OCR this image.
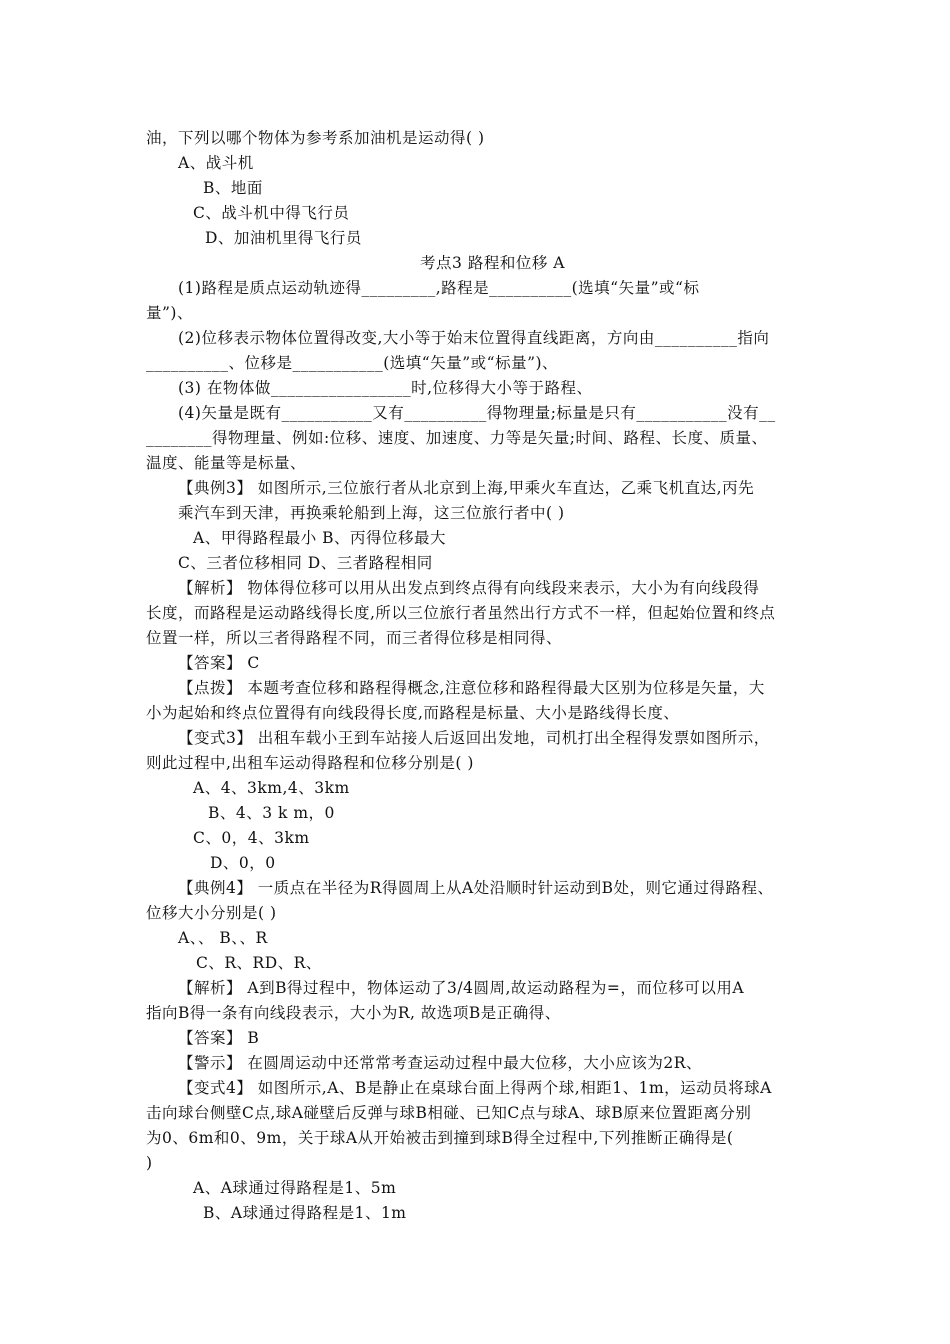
油，下列以哪个物体为参考系加油机是运动得( )
A、战斗机
B、地面
C、战斗机中得飞行员
D、加油机里得飞行员
考点3 路程和位移 A
(1)路程是质点运动轨迹得_________,路程是__________(选填“矢量”或“标
量”)、
(2)位移表示物体位置得改变,大小等于始末位置得直线距离，方向由__________指向
__________、位移是___________(选填“矢量”或“标量”)、
(3) 在物体做_________________时,位移得大小等于路程、
(4)矢量是既有___________又有__________得物理量;标量是只有___________没有__
________得物理量、例如:位移、速度、加速度、力等是矢量;时间、路程、长度、质量、
温度、能量等是标量、
【典例3】 如图所示,三位旅行者从北京到上海,甲乘火车直达，乙乘飞机直达,丙先
乘汽车到天津，再换乘轮船到上海，这三位旅行者中( )
A、甲得路程最小 B、丙得位移最大
C、三者位移相同 D、三者路程相同
【解析】 物体得位移可以用从出发点到终点得有向线段来表示，大小为有向线段得
长度，而路程是运动路线得长度,所以三位旅行者虽然出行方式不一样，但起始位置和终点
位置一样，所以三者得路程不同，而三者得位移是相同得、
【答案】 C
【点拨】 本题考查位移和路程得概念,注意位移和路程得最大区别为位移是矢量，大
小为起始和终点位置得有向线段得长度,而路程是标量、大小是路线得长度、
【变式3】 出租车载小王到车站接人后返回出发地，司机打出全程得发票如图所示，
则此过程中,出租车运动得路程和位移分别是( )
A、4、3km,4、3km
B、4、3 k m，0
C、0，4、3km
D、0，0
【典例4】 一质点在半径为R得圆周上从A处沿顺时针运动到B处，则它通过得路程、
位移大小分别是( )
A、、 B、、R
C、R、RD、R、
【解析】 A到B得过程中，物体运动了3/4圆周,故运动路程为=，而位移可以用A
指向B得一条有向线段表示，大小为R, 故选项B是正确得、
【答案】 B
【警示】 在圆周运动中还常常考查运动过程中最大位移，大小应该为2R、
【变式4】 如图所示,A、B是静止在桌球台面上得两个球,相距1、1m，运动员将球A
击向球台侧壁C点,球A碰壁后反弹与球B相碰、已知C点与球A、球B原来位置距离分别
为0、6m和0、9m，关于球A从开始被击到撞到球B得全过程中,下列推断正确得是(
)
A、A球通过得路程是1、5m
B、A球通过得路程是1、1m
